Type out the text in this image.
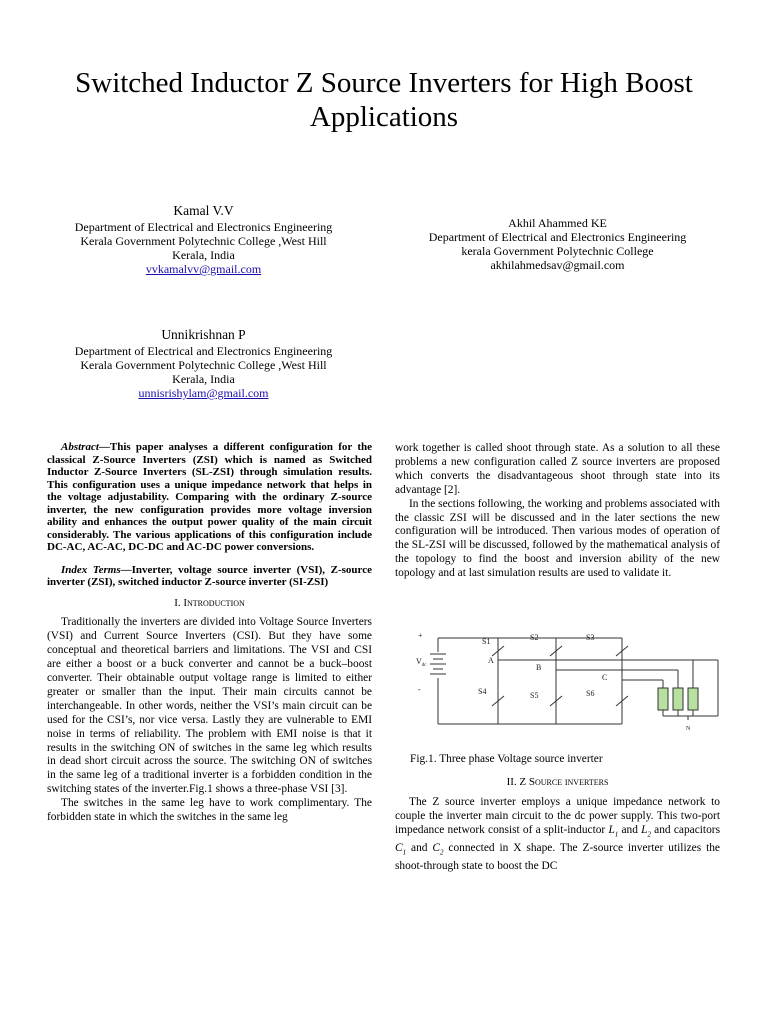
Switched Inductor Z Source Inverters for High Boost Applications
Kamal V.V
Department of Electrical and Electronics Engineering
Kerala Government Polytechnic College ,West Hill
Kerala, India
vvkamalvv@gmail.com
Akhil Ahammed KE
Department of Electrical and Electronics Engineering
kerala Government Polytechnic College
akhilahmedsav@gmail.com
Unnikrishnan P
Department of Electrical and Electronics Engineering
Kerala Government Polytechnic College ,West Hill
Kerala, India
unnisrishylam@gmail.com

Abstract—This paper analyses a different configuration for the classical Z-Source Inverters (ZSI) which is named as Switched Inductor Z-Source Inverters (SL-ZSI) through simulation results. This configuration uses a unique impedance network that helps in the voltage adjustability. Comparing with the ordinary Z-source inverter, the new configuration provides more voltage inversion ability and enhances the output power quality of the main circuit considerably. The various applications of this configuration include DC-AC, AC-AC, DC-DC and AC-DC power conversions.

Index Terms—Inverter, voltage source inverter (VSI), Z-source inverter (ZSI), switched inductor Z-source inverter (SI-ZSI)

I. Introduction

Traditionally the inverters are divided into Voltage Source Inverters (VSI) and Current Source Inverters (CSI). But they have some conceptual and theoretical barriers and limitations. The VSI and CSI are either a boost or a buck converter and cannot be a buck–boost converter. Their obtainable output voltage range is limited to either greater or smaller than the input. Their main circuits cannot be interchangeable. In other words, neither the VSI’s main circuit can be used for the CSI’s, nor vice versa. Lastly they are vulnerable to EMI noise in terms of reliability. The problem with EMI noise is that it results in the switching ON of switches in the same leg which results in dead short circuit across the source. The switching ON of switches in the same leg of a traditional inverter is a forbidden condition in the switching states of the inverter.Fig.1 shows a three-phase VSI [3].

The switches in the same leg have to work complimentary. The forbidden state in which the switches in the same leg

work together is called shoot through state. As a solution to all these problems a new configuration called Z source inverters are proposed which converts the disadvantageous shoot through state into its advantage [2].

In the sections following, the working and problems associated with the classic ZSI will be discussed and in the later sections the new configuration will be introduced. Then various modes of operation of the SL-ZSI will be discussed, followed by the mathematical analysis of the topology to find the boost and inversion ability of the new topology and at last simulation results are used to validate it.

+
-
$V_{dc}$
S1	S2	S3
S4	S5	S6
A
B
C
N
Fig.1. Three phase Voltage source inverter
II. Z Source inverters

The Z source inverter employs a unique impedance network to couple the inverter main circuit to the dc power supply. This two-port impedance network consist of a split-inductor $L_1$ and $L_2$ and capacitors $C_1$ and $C_2$ connected in X shape. The Z-source inverter utilizes the shoot-through state to boost the DC
